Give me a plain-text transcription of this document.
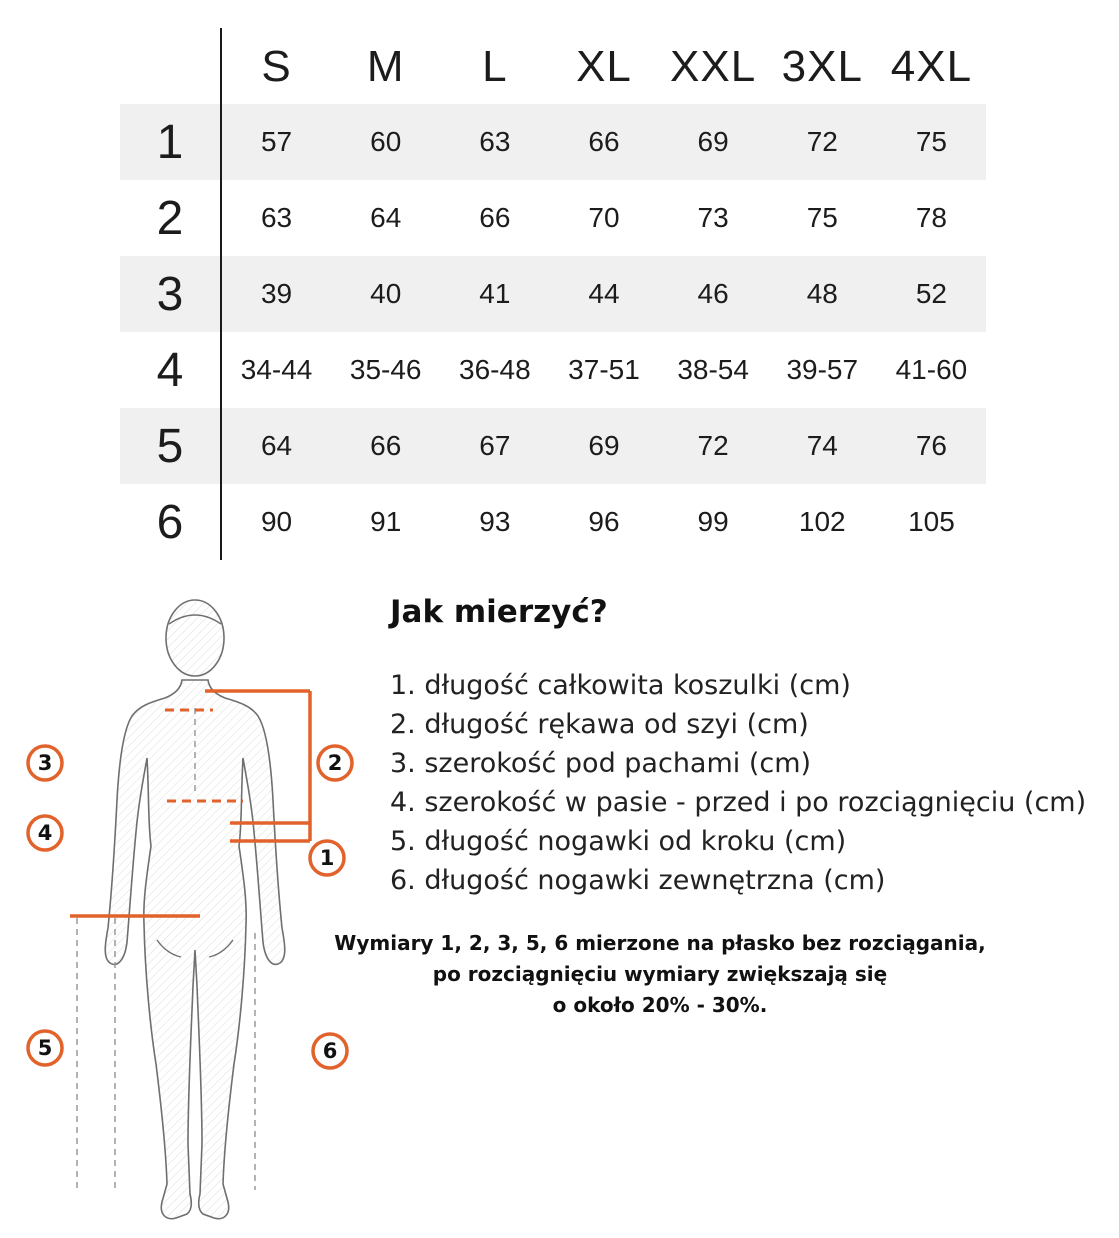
S	M	L	XL XXL 3XL 4XL
1	57	60	63	66	69	72	75
2	63	64	66	70	73	75	78
3	39	40	41	44	46	48	52
4	34-44	35-46	36-48	37-51	38-54	39-57	41-60
5	64	66	67	69	72	74	76
6	90	91	93	96	99	102	105
3
4
5
2
1
6
Jak mierzyć?
1. długość całkowita koszulki (cm)
2. długość rękawa od szyi (cm)
3. szerokość pod pachami (cm)
4. szerokość w pasie - przed i po rozciągnięciu (cm)
5. długość nogawki od kroku (cm)
6. długość nogawki zewnętrzna (cm)
Wymiary 1, 2, 3, 5, 6 mierzone na płasko bez rozciągania,
po rozciągnięciu wymiary zwiększają się
o około 20% - 30%.
